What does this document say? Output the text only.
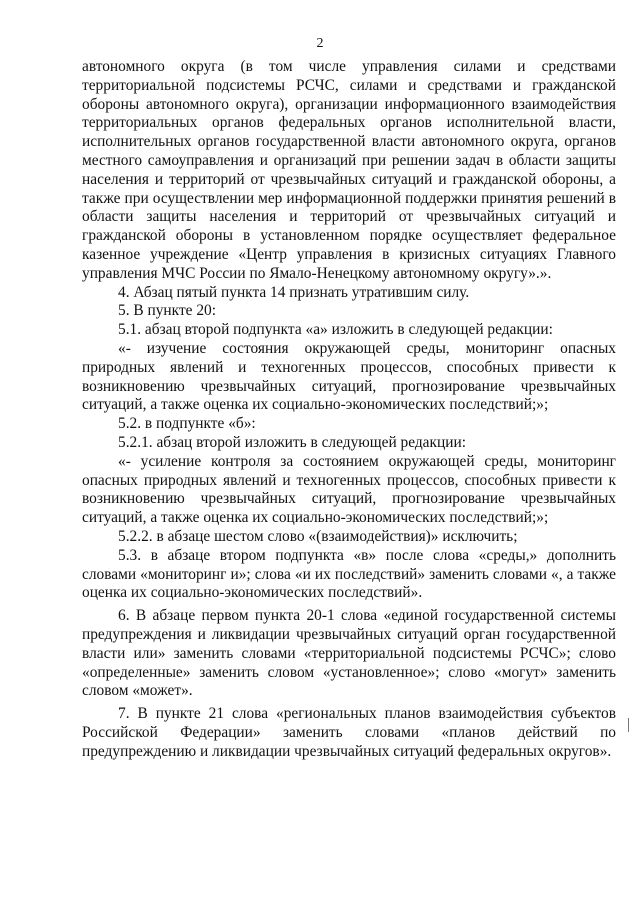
2

автономного округа (в том числе управления силами и средствами территориальной подсистемы РСЧС, силами и средствами и гражданской обороны автономного округа), организации информационного взаимодействия территориальных органов федеральных органов исполнительной власти, исполнительных органов государственной власти автономного округа, органов местного самоуправления и организаций при решении задач в области защиты населения и территорий от чрезвычайных ситуаций и гражданской обороны, а также при осуществлении мер информационной поддержки принятия решений в области защиты населения и территорий от чрезвычайных ситуаций и гражданской обороны в установленном порядке осуществляет федеральное казенное учреждение «Центр управления в кризисных ситуациях Главного управления МЧС России по Ямало-Ненецкому автономному округу».».

4. Абзац пятый пункта 14 признать утратившим силу.

5. В пункте 20:

5.1. абзац второй подпункта «а» изложить в следующей редакции:

«- изучение состояния окружающей среды, мониторинг опасных природных явлений и техногенных процессов, способных привести к возникновению чрезвычайных ситуаций, прогнозирование чрезвычайных ситуаций, а также оценка их социально-экономических последствий;»;

5.2. в подпункте «б»:

5.2.1. абзац второй изложить в следующей редакции:

«- усиление контроля за состоянием окружающей среды, мониторинг опасных природных явлений и техногенных процессов, способных привести к возникновению чрезвычайных ситуаций, прогнозирование чрезвычайных ситуаций, а также оценка их социально-экономических последствий;»;

5.2.2. в абзаце шестом слово «(взаимодействия)» исключить;

5.3. в абзаце втором подпункта «в» после слова «среды,» дополнить словами «мониторинг и»; слова «и их последствий» заменить словами «, а также оценка их социально-экономических последствий».

6. В абзаце первом пункта 20-1 слова «единой государственной системы предупреждения и ликвидации чрезвычайных ситуаций орган государственной власти или» заменить словами «территориальной подсистемы РСЧС»; слово «определенные» заменить словом «установленное»; слово «могут» заменить словом «может».

7. В пункте 21 слова «региональных планов взаимодействия субъектов Российской Федерации» заменить словами «планов действий по предупреждению и ликвидации чрезвычайных ситуаций федеральных округов».
